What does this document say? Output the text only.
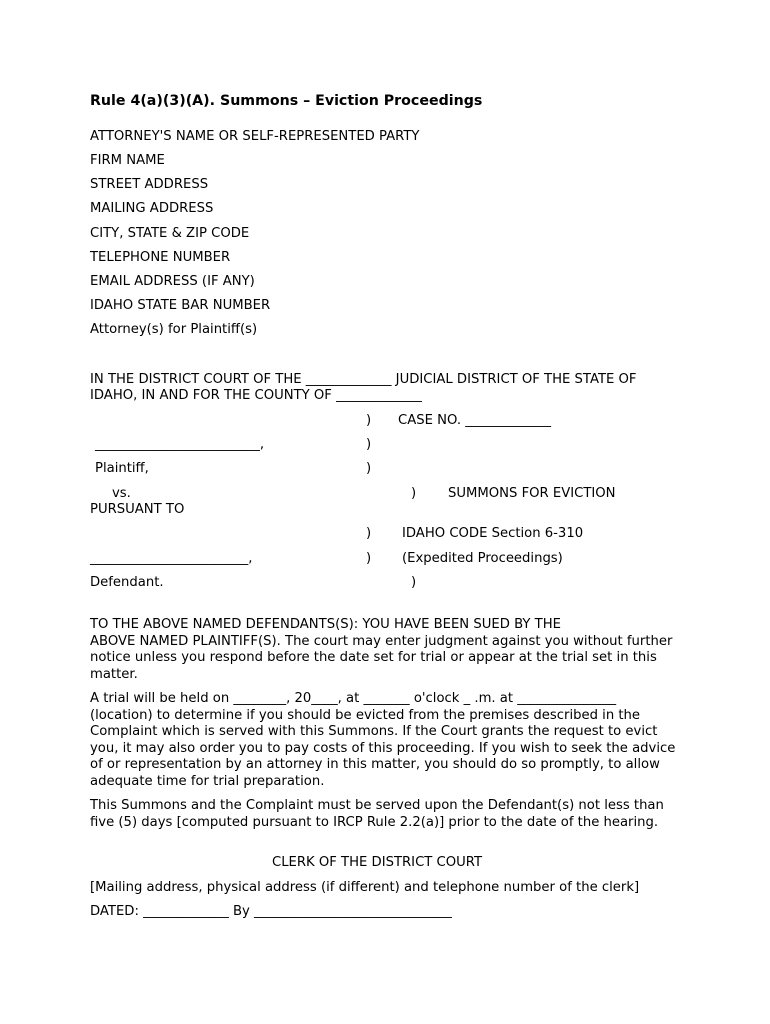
Rule 4(a)(3)(A). Summons – Eviction Proceedings

ATTORNEY'S NAME OR SELF-REPRESENTED PARTY

FIRM NAME

STREET ADDRESS

MAILING ADDRESS

CITY, STATE & ZIP CODE

TELEPHONE NUMBER

EMAIL ADDRESS (IF ANY)

IDAHO STATE BAR NUMBER

Attorney(s) for Plaintiff(s)

IN THE DISTRICT COURT OF THE _____________ JUDICIAL DISTRICT OF THE STATE OF

IDAHO, IN AND FOR THE COUNTY OF _____________

) CASE NO. _____________

_________________________,	)

Plaintiff,	)

vs.	) SUMMONS FOR EVICTION

PURSUANT TO

) IDAHO CODE Section 6-310

________________________,	) (Expedited Proceedings)

Defendant.	)

TO THE ABOVE NAMED DEFENDANTS(S): YOU HAVE BEEN SUED BY THE
ABOVE NAMED PLAINTIFF(S). The court may enter judgment against you without further notice unless you respond before the date set for trial or appear at the trial set in this matter.
A trial will be held on ________, 20____, at _______ o'clock _ .m. at _______________ (location) to determine if you should be evicted from the premises described in the Complaint which is served with this Summons. If the Court grants the request to evict you, it may also order you to pay costs of this proceeding. If you wish to seek the advice of or representation by an attorney in this matter, you should do so promptly, to allow adequate time for trial preparation.
This Summons and the Complaint must be served upon the Defendant(s) not less than five (5) days [computed pursuant to IRCP Rule 2.2(a)] prior to the date of the hearing.

CLERK OF THE DISTRICT COURT

[Mailing address, physical address (if different) and telephone number of the clerk]

DATED: _____________ By ______________________________
